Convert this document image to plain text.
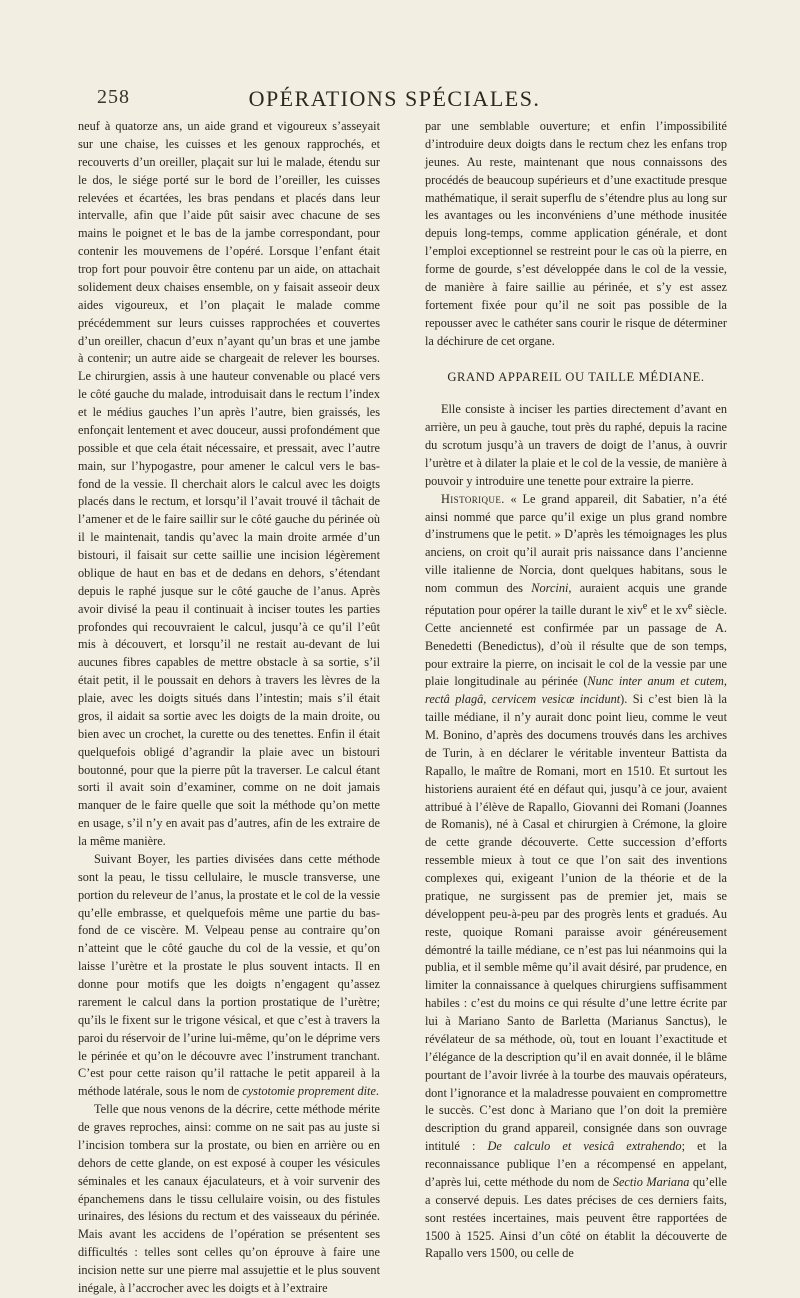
258	OPÉRATIONS SPÉCIALES.

neuf à quatorze ans, un aide grand et vigoureux s’asseyait sur une chaise, les cuisses et les genoux rapprochés, et recouverts d’un oreiller, plaçait sur lui le malade, étendu sur le dos, le siége porté sur le bord de l’oreiller, les cuisses relevées et écartées, les bras pendans et placés dans leur intervalle, afin que l’aide pût saisir avec chacune de ses mains le poignet et le bas de la jambe correspondant, pour contenir les mouvemens de l’opéré. Lorsque l’enfant était trop fort pour pouvoir être contenu par un aide, on attachait solidement deux chaises ensemble, on y faisait asseoir deux aides vigoureux, et l’on plaçait le malade comme précédemment sur leurs cuisses rapprochées et couvertes d’un oreiller, chacun d’eux n’ayant qu’un bras et une jambe à contenir; un autre aide se chargeait de relever les bourses. Le chirurgien, assis à une hauteur convenable ou placé vers le côté gauche du malade, introduisait dans le rectum l’index et le médius gauches l’un après l’autre, bien graissés, les enfonçait lentement et avec douceur, aussi profondément que possible et que cela était nécessaire, et pressait, avec l’autre main, sur l’hypogastre, pour amener le calcul vers le bas-fond de la vessie. Il cherchait alors le calcul avec les doigts placés dans le rectum, et lorsqu’il l’avait trouvé il tâchait de l’amener et de le faire saillir sur le côté gauche du périnée où il le maintenait, tandis qu’avec la main droite armée d’un bistouri, il faisait sur cette saillie une incision légèrement oblique de haut en bas et de dedans en dehors, s’étendant depuis le raphé jusque sur le côté gauche de l’anus. Après avoir divisé la peau il continuait à inciser toutes les parties profondes qui recouvraient le calcul, jusqu’à ce qu’il l’eût mis à découvert, et lorsqu’il ne restait au-devant de lui aucunes fibres capables de mettre obstacle à sa sortie, s’il était petit, il le poussait en dehors à travers les lèvres de la plaie, avec les doigts situés dans l’intestin; mais s’il était gros, il aidait sa sortie avec les doigts de la main droite, ou bien avec un crochet, la curette ou des tenettes. Enfin il était quelquefois obligé d’agrandir la plaie avec un bistouri boutonné, pour que la pierre pût la traverser. Le calcul étant sorti il avait soin d’examiner, comme on ne doit jamais manquer de le faire quelle que soit la méthode qu’on mette en usage, s’il n’y en avait pas d’autres, afin de les extraire de la même manière.

Suivant Boyer, les parties divisées dans cette méthode sont la peau, le tissu cellulaire, le muscle transverse, une portion du releveur de l’anus, la prostate et le col de la vessie qu’elle embrasse, et quelquefois même une partie du bas-fond de ce viscère. M. Velpeau pense au contraire qu’on n’atteint que le côté gauche du col de la vessie, et qu’on laisse l’urètre et la prostate le plus souvent intacts. Il en donne pour motifs que les doigts n’engagent qu’assez rarement le calcul dans la portion prostatique de l’urètre; qu’ils le fixent sur le trigone vésical, et que c’est à travers la paroi du réservoir de l’urine lui-même, qu’on le déprime vers le périnée et qu’on le découvre avec l’instrument tranchant. C’est pour cette raison qu’il rattache le petit appareil à la méthode latérale, sous le nom de cystotomie proprement dite.

Telle que nous venons de la décrire, cette méthode mérite de graves reproches, ainsi: comme on ne sait pas au juste si l’incision tombera sur la prostate, ou bien en arrière ou en dehors de cette glande, on est exposé à couper les vésicules séminales et les canaux éjaculateurs, et à voir survenir des épanchemens dans le tissu cellulaire voisin, ou des fistules urinaires, des lésions du rectum et des vaisseaux du périnée. Mais avant les accidens de l’opération se présentent ses difficultés : telles sont celles qu’on éprouve à faire une incision nette sur une pierre mal assujettie et le plus souvent inégale, à l’accrocher avec les doigts et à l’extraire

par une semblable ouverture; et enfin l’impossibilité d’introduire deux doigts dans le rectum chez les enfans trop jeunes. Au reste, maintenant que nous connaissons des procédés de beaucoup supérieurs et d’une exactitude presque mathématique, il serait superflu de s’étendre plus au long sur les avantages ou les inconvéniens d’une méthode inusitée depuis long-temps, comme application générale, et dont l’emploi exceptionnel se restreint pour le cas où la pierre, en forme de gourde, s’est développée dans le col de la vessie, de manière à faire saillie au périnée, et s’y est assez fortement fixée pour qu’il ne soit pas possible de la repousser avec le cathéter sans courir le risque de déterminer la déchirure de cet organe.

GRAND APPAREIL OU TAILLE MÉDIANE.

Elle consiste à inciser les parties directement d’avant en arrière, un peu à gauche, tout près du raphé, depuis la racine du scrotum jusqu’à un travers de doigt de l’anus, à ouvrir l’urètre et à dilater la plaie et le col de la vessie, de manière à pouvoir y introduire une tenette pour extraire la pierre.

Historique. « Le grand appareil, dit Sabatier, n’a été ainsi nommé que parce qu’il exige un plus grand nombre d’instrumens que le petit. » D’après les témoignages les plus anciens, on croit qu’il aurait pris naissance dans l’ancienne ville italienne de Norcia, dont quelques habitans, sous le nom commun des Norcini, auraient acquis une grande réputation pour opérer la taille durant le xiv$^e$ et le $xv^e$ siècle. Cette ancienneté est confirmée par un passage de A. Benedetti (Benedictus), d’où il résulte que de son temps, pour extraire la pierre, on incisait le col de la vessie par une plaie longitudinale au périnée (Nunc inter anum et cutem, rectâ plagâ, cervicem vesicæ incidunt). Si c’est bien là la taille médiane, il n’y aurait donc point lieu, comme le veut M. Bonino, d’après des documens trouvés dans les archives de Turin, à en déclarer le véritable inventeur Battista da Rapallo, le maître de Romani, mort en 1510. Et surtout les historiens auraient été en défaut qui, jusqu’à ce jour, avaient attribué à l’élève de Rapallo, Giovanni dei Romani (Joannes de Romanis), né à Casal et chirurgien à Crémone, la gloire de cette grande découverte. Cette succession d’efforts ressemble mieux à tout ce que l’on sait des inventions complexes qui, exigeant l’union de la théorie et de la pratique, ne surgissent pas de premier jet, mais se développent peu-à-peu par des progrès lents et gradués. Au reste, quoique Romani paraisse avoir généreusement démontré la taille médiane, ce n’est pas lui néanmoins qui la publia, et il semble même qu’il avait désiré, par prudence, en limiter la connaissance à quelques chirurgiens suffisamment habiles : c’est du moins ce qui résulte d’une lettre écrite par lui à Mariano Santo de Barletta (Marianus Sanctus), le révélateur de sa méthode, où, tout en louant l’exactitude et l’élégance de la description qu’il en avait donnée, il le blâme pourtant de l’avoir livrée à la tourbe des mauvais opérateurs, dont l’ignorance et la maladresse pouvaient en compromettre le succès. C’est donc à Mariano que l’on doit la première description du grand appareil, consignée dans son ouvrage intitulé : De calculo et vesicâ extrahendo; et la reconnaissance publique l’en a récompensé en appelant, d’après lui, cette méthode du nom de Sectio Mariana qu’elle a conservé depuis. Les dates précises de ces derniers faits, sont restées incertaines, mais peuvent être rapportées de 1500 à 1525. Ainsi d’un côté on établit la découverte de Rapallo vers 1500, ou celle de
